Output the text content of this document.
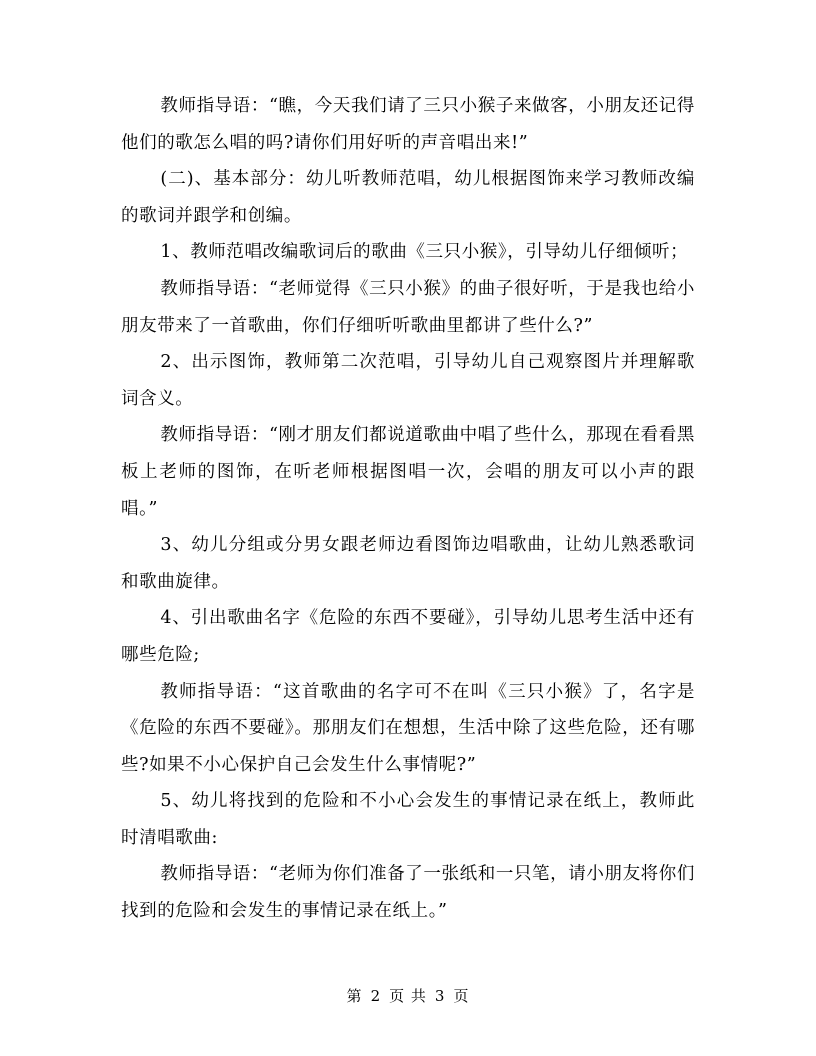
教师指导语：“瞧，今天我们请了三只小猴子来做客，小朋友还记得他们的歌怎么唱的吗?请你们用好听的声音唱出来!”

(二)、基本部分：幼儿听教师范唱，幼儿根据图饰来学习教师改编的歌词并跟学和创编。

1、教师范唱改编歌词后的歌曲《三只小猴》，引导幼儿仔细倾听；

教师指导语：“老师觉得《三只小猴》的曲子很好听，于是我也给小朋友带来了一首歌曲，你们仔细听听歌曲里都讲了些什么?”

2、出示图饰，教师第二次范唱，引导幼儿自己观察图片并理解歌词含义。

教师指导语：“刚才朋友们都说道歌曲中唱了些什么，那现在看看黑板上老师的图饰，在听老师根据图唱一次，会唱的朋友可以小声的跟唱。”

3、幼儿分组或分男女跟老师边看图饰边唱歌曲，让幼儿熟悉歌词和歌曲旋律。

4、引出歌曲名字《危险的东西不要碰》，引导幼儿思考生活中还有哪些危险;

教师指导语：“这首歌曲的名字可不在叫《三只小猴》了，名字是《危险的东西不要碰》。那朋友们在想想，生活中除了这些危险，还有哪些?如果不小心保护自己会发生什么事情呢?”

5、幼儿将找到的危险和不小心会发生的事情记录在纸上，教师此时清唱歌曲:

教师指导语：“老师为你们准备了一张纸和一只笔，请小朋友将你们找到的危险和会发生的事情记录在纸上。”

第 2 页 共 3 页
